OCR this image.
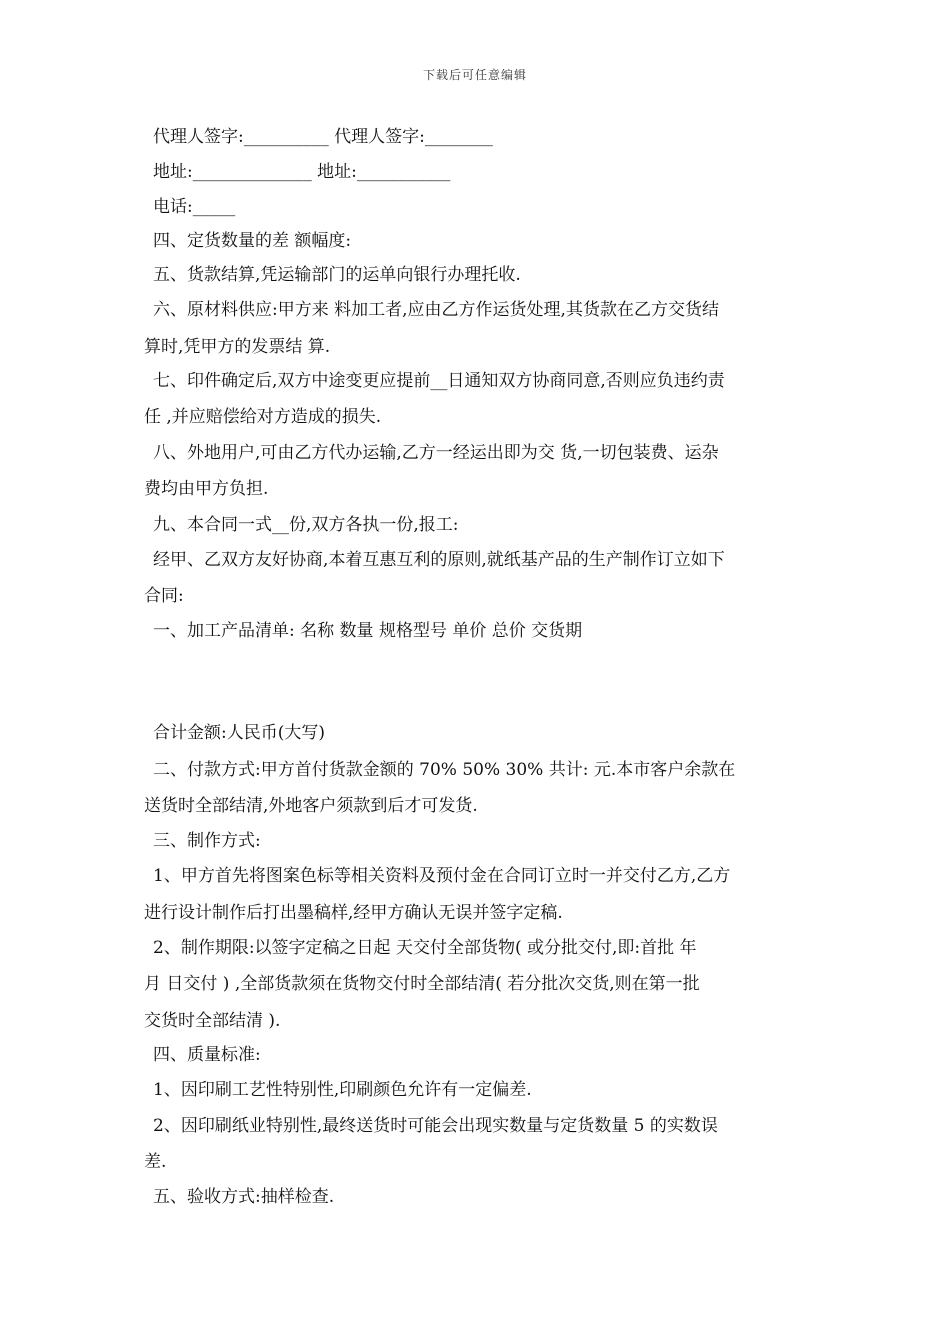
下载后可任意编辑
代理人签字:__________ 代理人签字:________
地址:______________ 地址:___________
电话:_____
四、定货数量的差 额幅度:
五、货款结算,凭运输部门的运单向银行办理托收.
六、原材料供应:甲方来 料加工者,应由乙方作运货处理,其货款在乙方交货结
算时,凭甲方的发票结 算.
七、印件确定后,双方中途变更应提前__日通知双方协商同意,否则应负违约责
任 ,并应赔偿给对方造成的损失.
八、外地用户,可由乙方代办运输,乙方一经运出即为交 货,一切包装费、运杂
费均由甲方负担.
九、本合同一式__份,双方各执一份,报工:
经甲、乙双方友好协商,本着互惠互利的原则,就纸基产品的生产制作订立如下
合同:
一、加工产品清单: 名称 数量 规格型号 单价 总价 交货期
合计金额:人民币(大写)
二、付款方式:甲方首付货款金额的 70% 50% 30% 共计: 元.本市客户余款在
送货时全部结清,外地客户须款到后才可发货.
三、制作方式:
1、甲方首先将图案色标等相关资料及预付金在合同订立时一并交付乙方,乙方
进行设计制作后打出墨稿样,经甲方确认无误并签字定稿.
2、制作期限:以签字定稿之日起 天交付全部货物( 或分批交付,即:首批 年
月 日交付 ) ,全部货款须在货物交付时全部结清( 若分批次交货,则在第一批
交货时全部结清 ).
四、质量标准:
1、因印刷工艺性特别性,印刷颜色允许有一定偏差.
2、因印刷纸业特别性,最终送货时可能会出现实数量与定货数量 5 的实数误
差.
五、验收方式:抽样检查.
